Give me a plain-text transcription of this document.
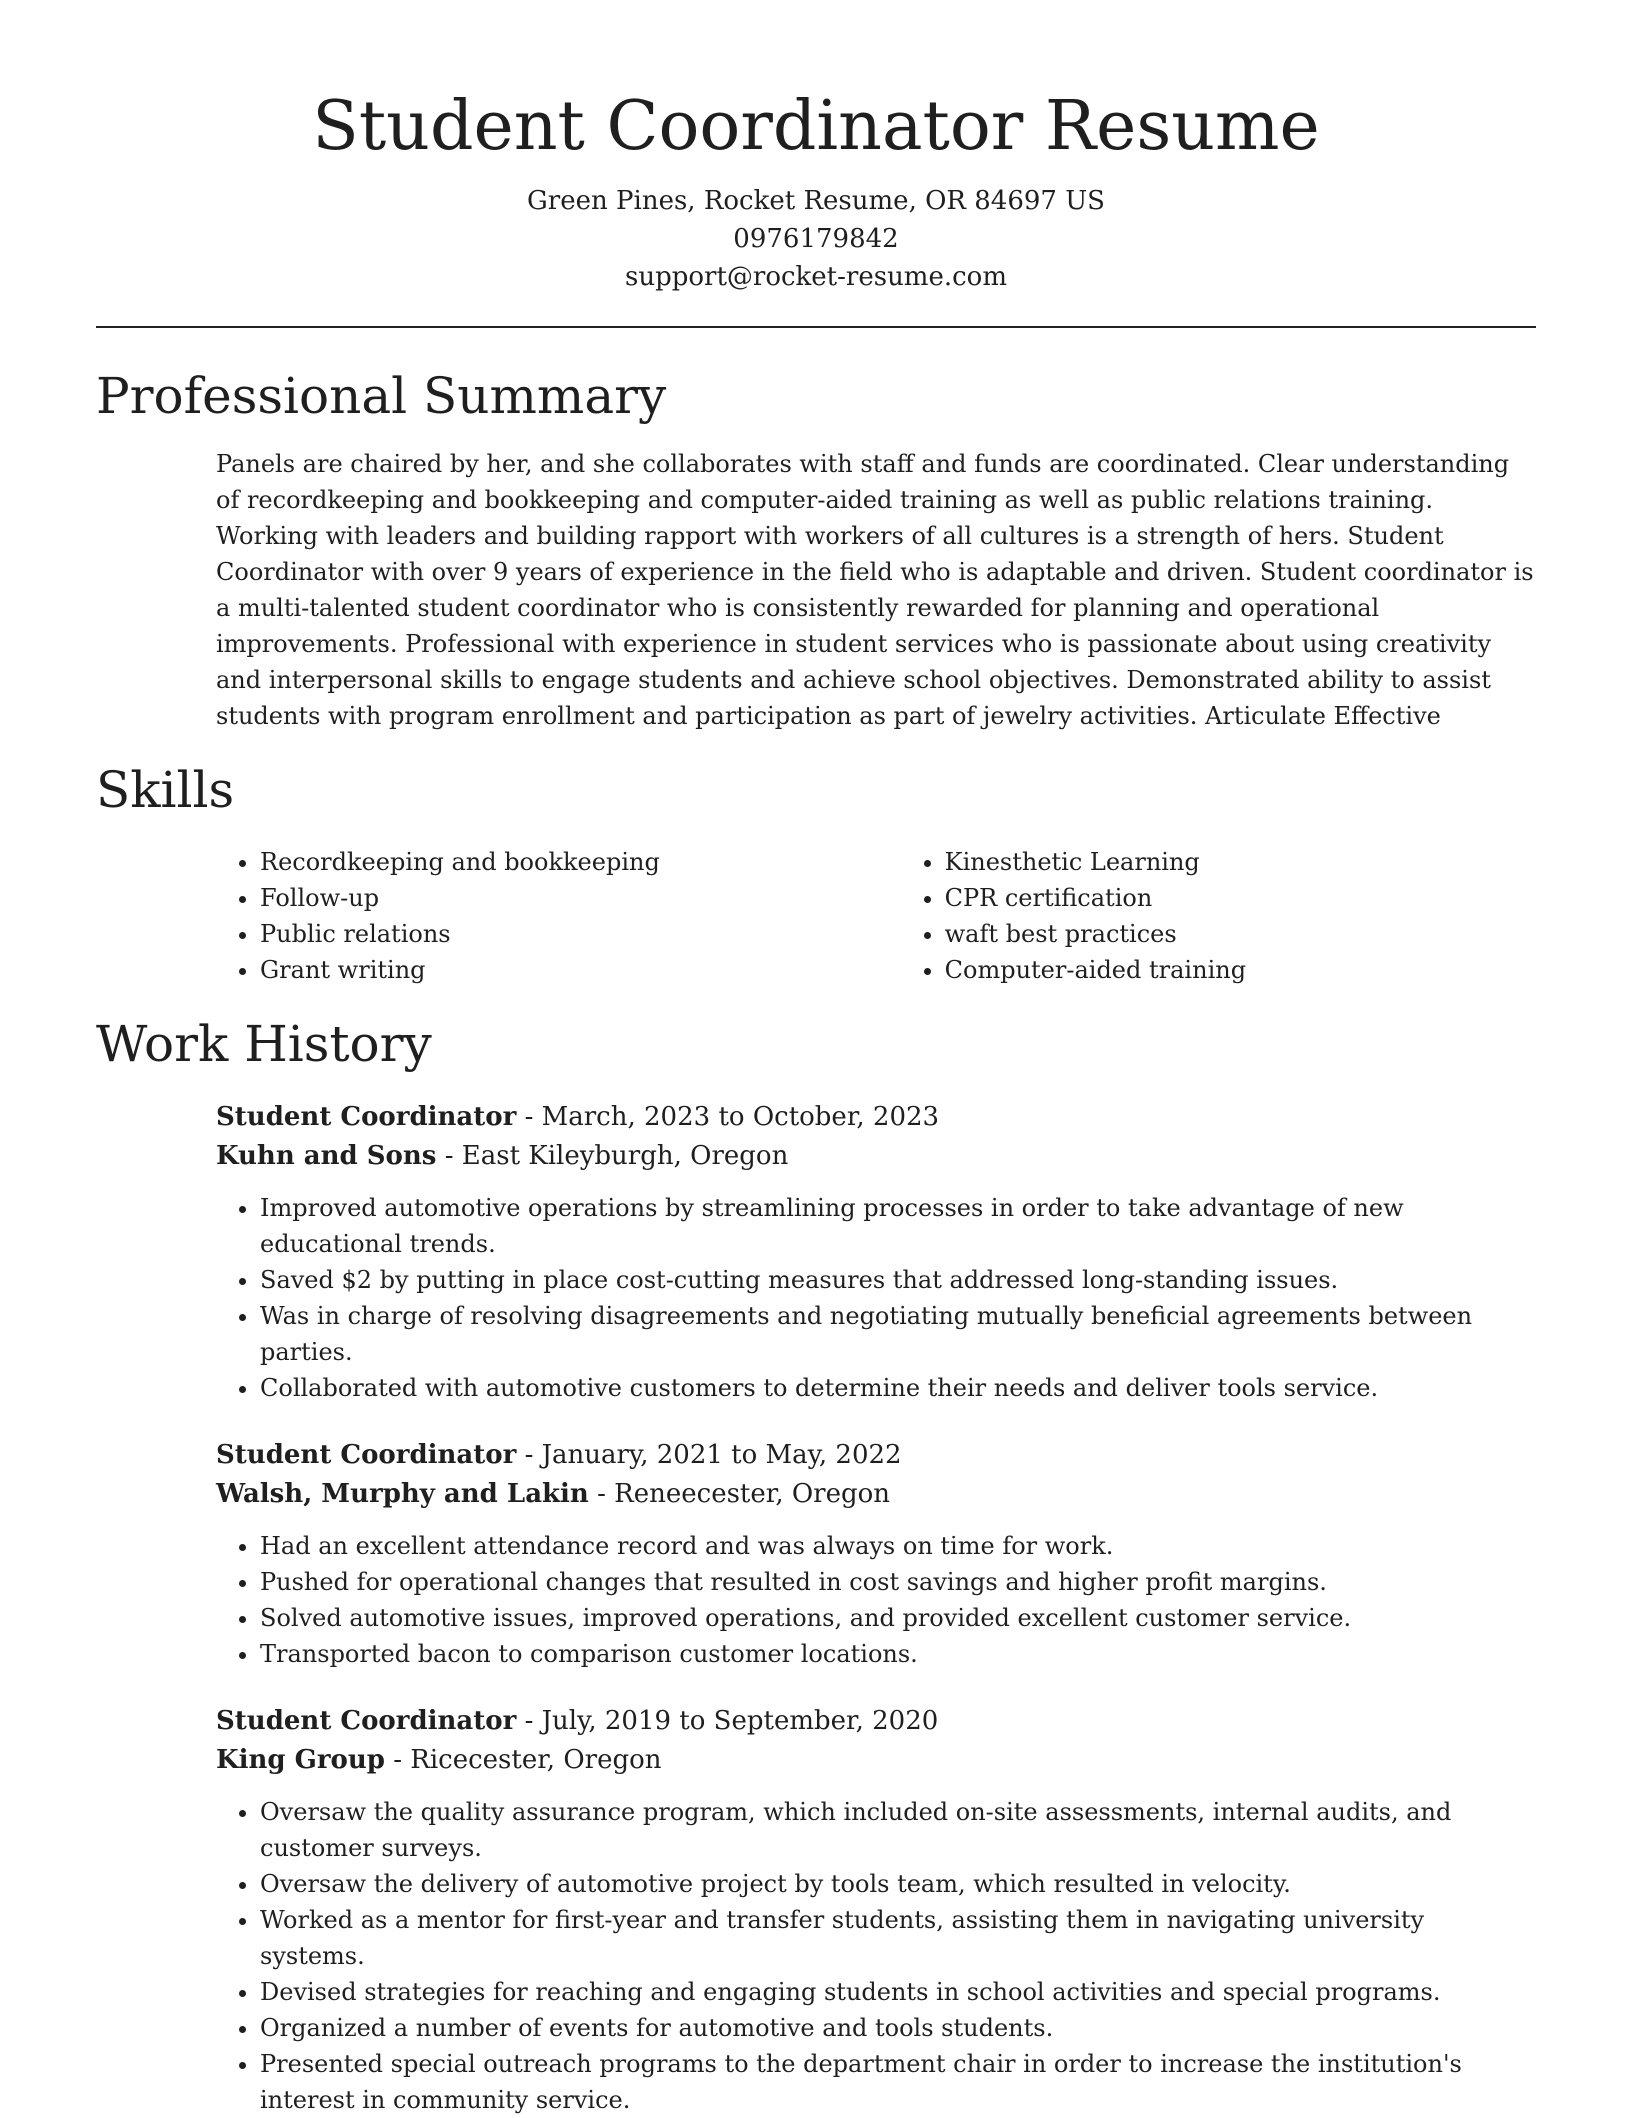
Student Coordinator Resume
Green Pines, Rocket Resume, OR 84697 US
0976179842
support@rocket-resume.com
Professional Summary

Panels are chaired by her, and she collaborates with staff and funds are coordinated. Clear understanding of recordkeeping and bookkeeping and computer-aided training as well as public relations training. Working with leaders and building rapport with workers of all cultures is a strength of hers. Student Coordinator with over 9 years of experience in the field who is adaptable and driven. Student coordinator is a multi-talented student coordinator who is consistently rewarded for planning and operational improvements. Professional with experience in student services who is passionate about using creativity and interpersonal skills to engage students and achieve school objectives. Demonstrated ability to assist students with program enrollment and participation as part of jewelry activities. Articulate Effective

Skills
• Recordkeeping and bookkeeping
• Follow-up
• Public relations
• Grant writing
• Kinesthetic Learning
• CPR certification
• waft best practices
• Computer-aided training
Work History
Student Coordinator - March, 2023 to October, 2023
Kuhn and Sons - East Kileyburgh, Oregon
• Improved automotive operations by streamlining processes in order to take advantage of new educational trends.
• Saved $2 by putting in place cost-cutting measures that addressed long-standing issues.
• Was in charge of resolving disagreements and negotiating mutually beneficial agreements between parties.
• Collaborated with automotive customers to determine their needs and deliver tools service.
Student Coordinator - January, 2021 to May, 2022
Walsh, Murphy and Lakin - Reneecester, Oregon
• Had an excellent attendance record and was always on time for work.
• Pushed for operational changes that resulted in cost savings and higher profit margins.
• Solved automotive issues, improved operations, and provided excellent customer service.
• Transported bacon to comparison customer locations.
Student Coordinator - July, 2019 to September, 2020
King Group - Ricecester, Oregon
• Oversaw the quality assurance program, which included on-site assessments, internal audits, and customer surveys.
• Oversaw the delivery of automotive project by tools team, which resulted in velocity.
• Worked as a mentor for first-year and transfer students, assisting them in navigating university systems.
• Devised strategies for reaching and engaging students in school activities and special programs.
• Organized a number of events for automotive and tools students.
• Presented special outreach programs to the department chair in order to increase the institution's interest in community service.
